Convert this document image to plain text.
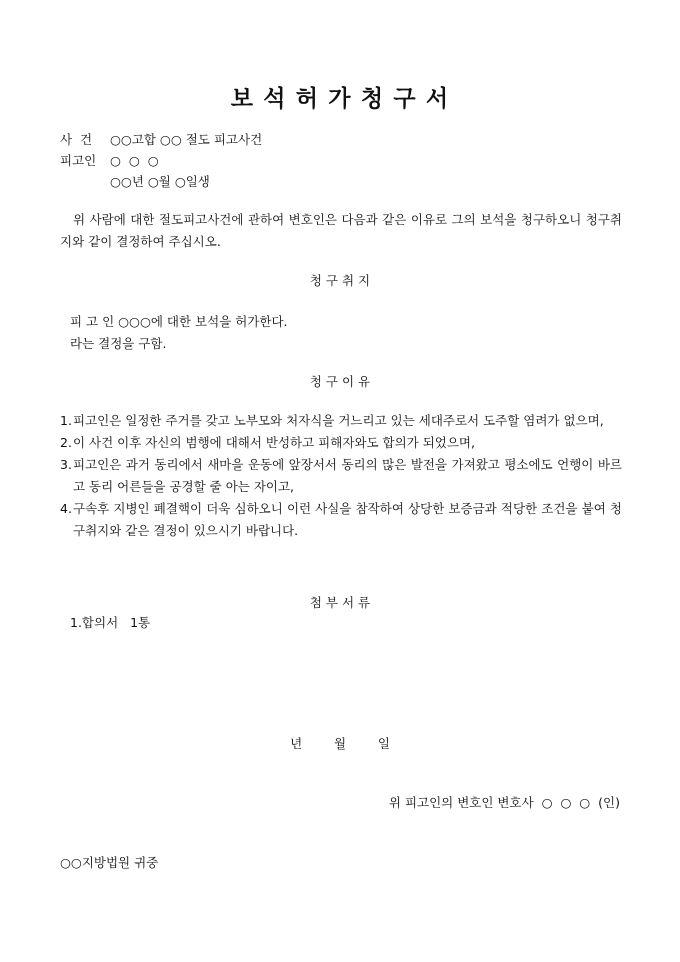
보 석 허 가 청 구 서
사  건 ○○고합 ○○ 절도 피고사건
피고인 ○  ○  ○
○○년 ○월 ○일생
위 사람에 대한 절도피고사건에 관하여 변호인은 다음과 같은 이유로 그의 보석을 청구하오니 청구취지와 같이 결정하여 주십시오.
청 구 취 지
피 고 인 ○○○에 대한 보석을 허가한다.
라는 결정을 구함.
청 구 이 유
1. 피고인은 일정한 주거를 갖고 노부모와 처자식을 거느리고 있는 세대주로서 도주할 염려가 없으며,
2. 이 사건 이후 자신의 범행에 대해서 반성하고 피해자와도 합의가 되었으며,
3. 피고인은 과거 동리에서 새마을 운동에 앞장서서 동리의 많은 발전을 가져왔고 평소에도 언행이 바르고 동리 어른들을 공경할 줄 아는 자이고,
4. 구속후 지병인 폐결핵이 더욱 심하오니 이런 사실을 참작하여 상당한 보증금과 적당한 조건을 붙여 청구취지와 같은 결정이 있으시기 바랍니다.
첨 부 서 류
1.합의서   1통
년        월        일
위 피고인의 변호인 변호사  ○  ○  ○  (인)
○○지방법원 귀중
